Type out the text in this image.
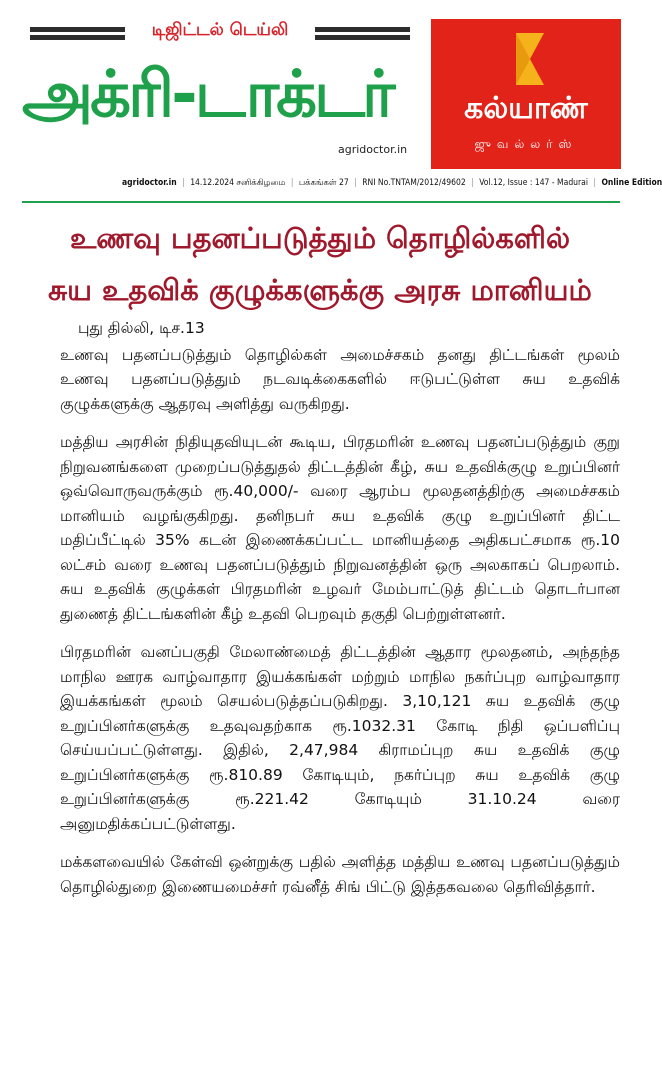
டிஜிட்டல் டெய்லி
அக்ரி-டாக்டர்
agridoctor.in
கல்யாண்
ஜுவல்லர்ஸ்
agridoctor.in | 14.12.2024 சனிக்கிழமை | பக்கங்கள் 27 | RNI No.TNTAM/2012/49602 | Vol.12, Issue : 147 - Madurai | Online Edition
உணவு பதனப்படுத்தும் தொழில்களில்
சுய உதவிக் குழுக்களுக்கு அரசு மானியம்
புது தில்லி, டிச.13

உணவு பதனப்படுத்தும் தொழில்கள் அமைச்சகம் தனது திட்டங்கள் மூலம் உணவு பதனப்படுத்தும் நடவடிக்கைகளில் ஈடுபட்டுள்ள சுய உதவிக் குழுக்களுக்கு ஆதரவு அளித்து வருகிறது.

மத்திய அரசின் நிதியுதவியுடன் கூடிய, பிரதமரின் உணவு பதனப்படுத்தும் குறு நிறுவனங்களை முறைப்படுத்துதல் திட்டத்தின் கீழ், சுய உதவிக்குழு உறுப்பினர் ஒவ்வொருவருக்கும் ரூ.40,000/- வரை ஆரம்ப மூலதனத்திற்கு அமைச்சகம் மானியம் வழங்குகிறது. தனிநபர் சுய உதவிக் குழு உறுப்பினர் திட்ட மதிப்பீட்டில் 35% கடன் இணைக்கப்பட்ட மானியத்தை அதிகபட்சமாக ரூ.10 லட்சம் வரை உணவு பதனப்படுத்தும் நிறுவனத்தின் ஒரு அலகாகப் பெறலாம். சுய உதவிக் குழுக்கள் பிரதமரின் உழவர் மேம்பாட்டுத் திட்டம் தொடர்பான துணைத் திட்டங்களின் கீழ் உதவி பெறவும் தகுதி பெற்றுள்ளனர்.

பிரதமரின் வனப்பகுதி மேலாண்மைத் திட்டத்தின் ஆதார மூலதனம், அந்தந்த மாநில ஊரக வாழ்வாதார இயக்கங்கள் மற்றும் மாநில நகர்ப்புற வாழ்வாதார இயக்கங்கள் மூலம் செயல்படுத்தப்படுகிறது. 3,10,121 சுய உதவிக் குழு உறுப்பினர்களுக்கு உதவுவதற்காக ரூ.1032.31 கோடி நிதி ஒப்பளிப்பு செய்யப்பட்டுள்ளது. இதில், 2,47,984 கிராமப்புற சுய உதவிக் குழு உறுப்பினர்களுக்கு ரூ.810.89 கோடியும், நகர்ப்புற சுய உதவிக் குழு உறுப்பினர்களுக்கு ரூ.221.42 கோடியும் 31.10.24 வரை அனுமதிக்கப்பட்டுள்ளது.

மக்களவையில் கேள்வி ஒன்றுக்கு பதில் அளித்த மத்திய உணவு பதனப்படுத்தும் தொழில்துறை இணையமைச்சர் ரவ்னீத் சிங் பிட்டு இத்தகவலை தெரிவித்தார்.
